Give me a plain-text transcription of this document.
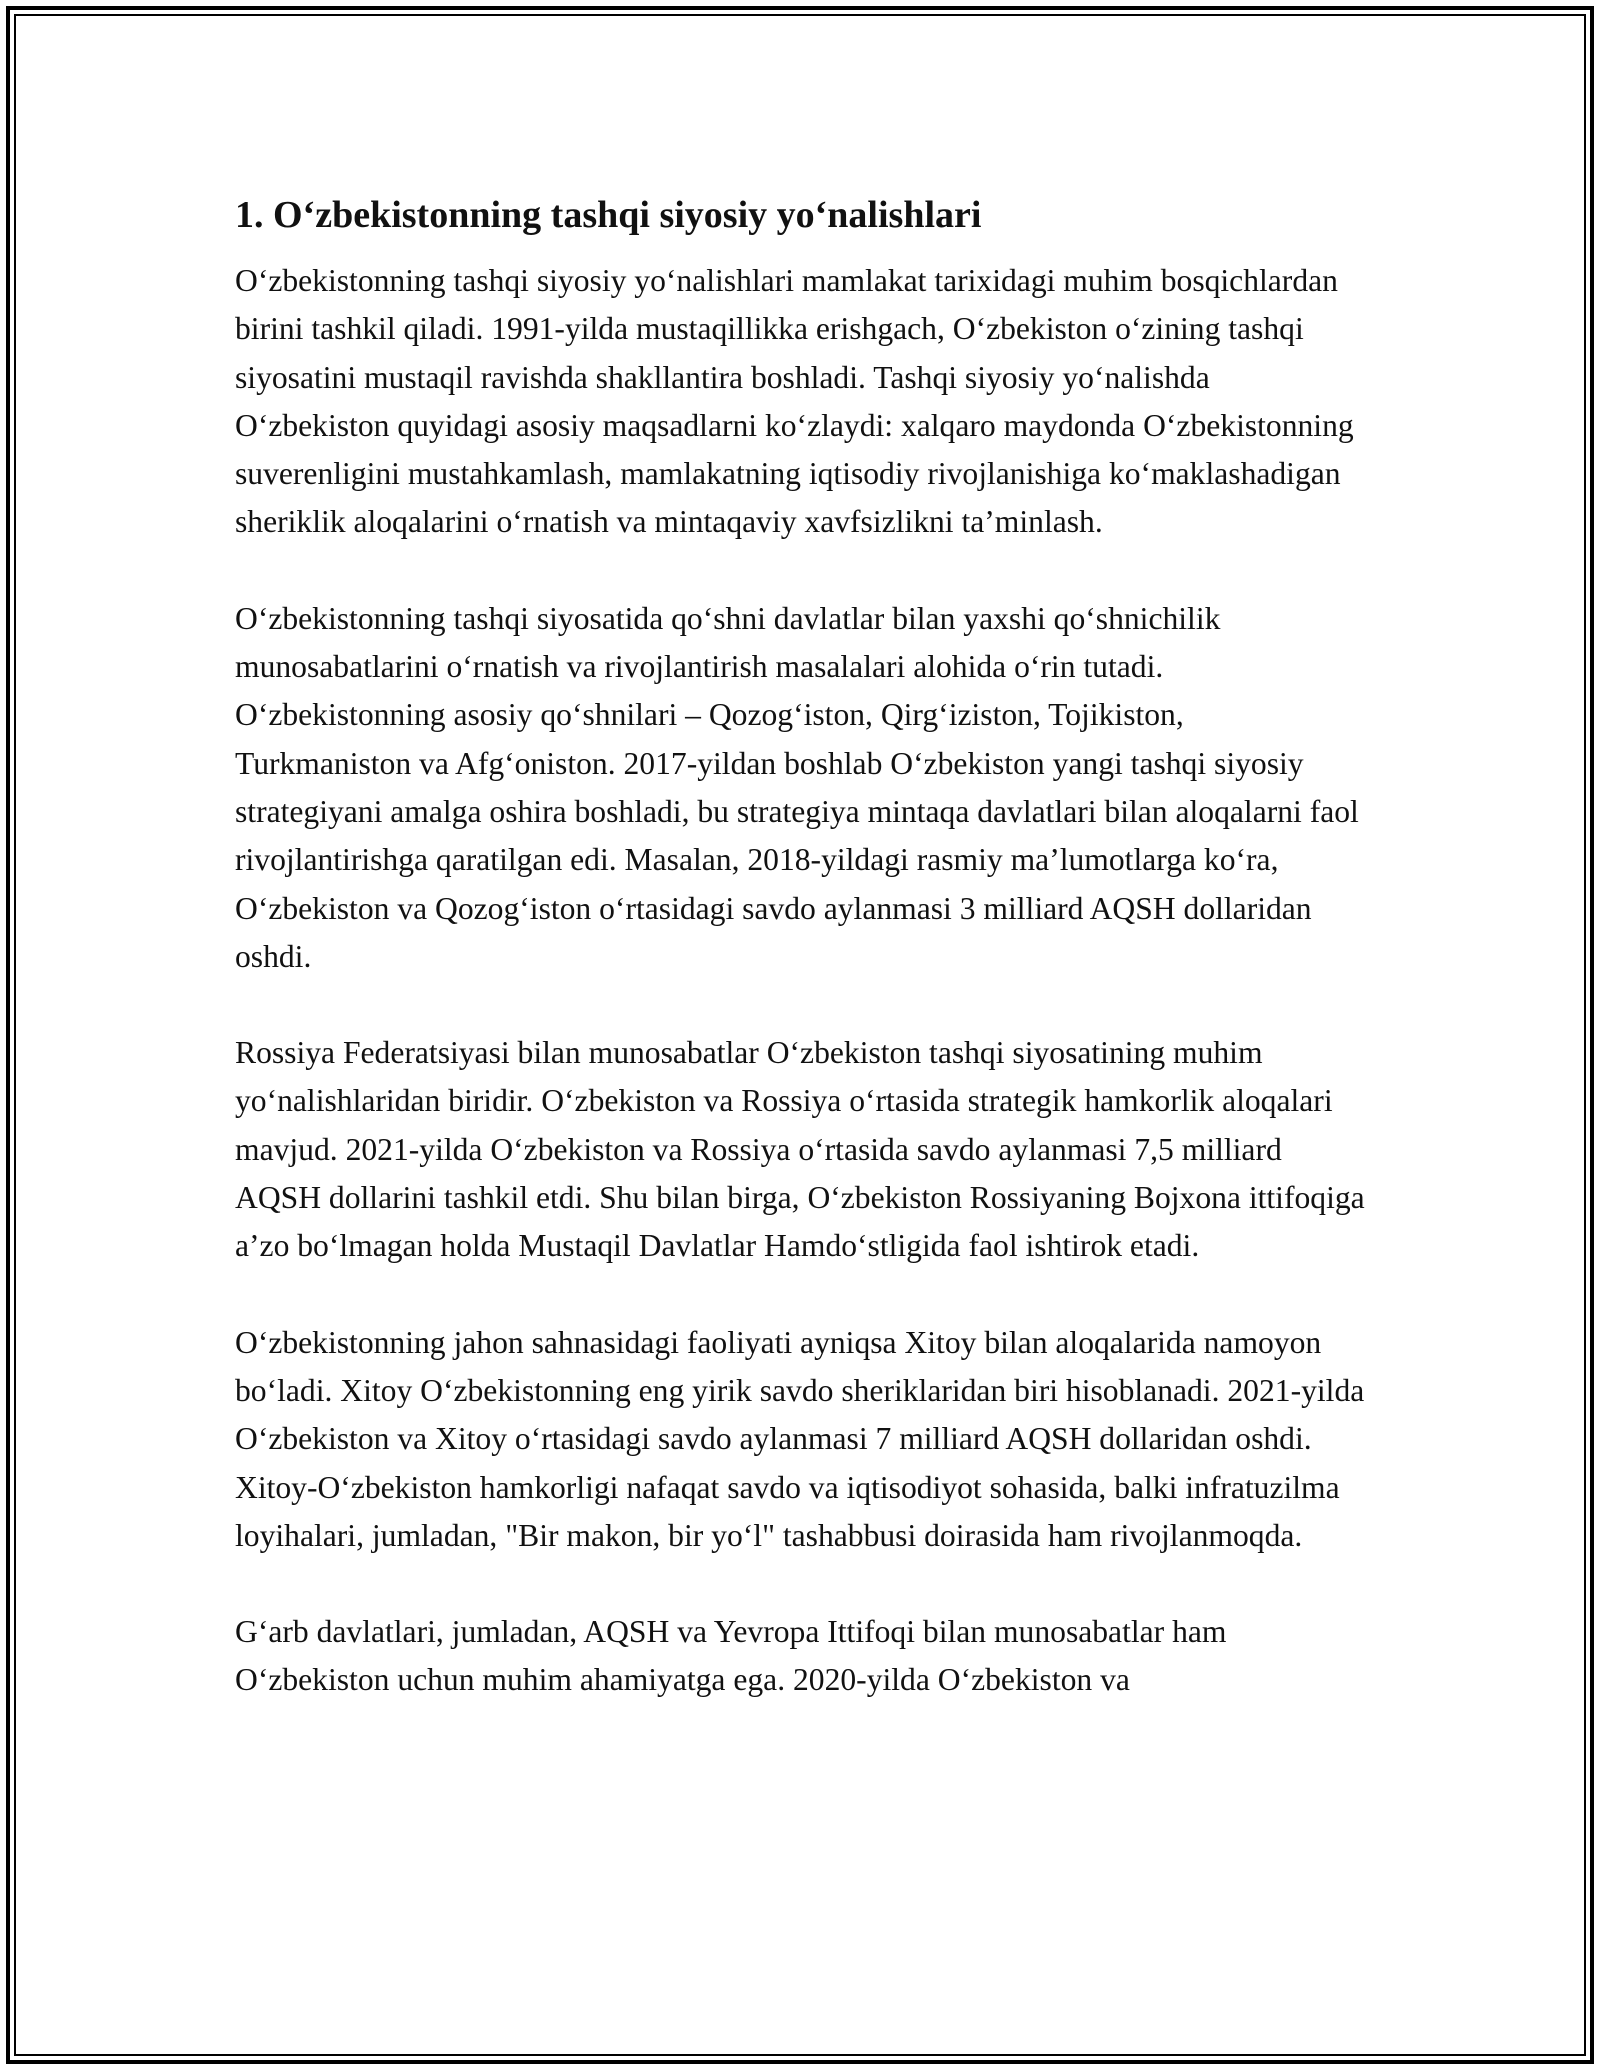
1. O‘zbekistonning tashqi siyosiy yo‘nalishlari

O‘zbekistonning tashqi siyosiy yo‘nalishlari mamlakat tarixidagi muhim bosqichlardan birini tashkil qiladi. 1991-yilda mustaqillikka erishgach, O‘zbekiston o‘zining tashqi siyosatini mustaqil ravishda shakllantira boshladi. Tashqi siyosiy yo‘nalishda O‘zbekiston quyidagi asosiy maqsadlarni ko‘zlaydi: xalqaro maydonda O‘zbekistonning suverenligini mustahkamlash, mamlakatning iqtisodiy rivojlanishiga ko‘maklashadigan sheriklik aloqalarini o‘rnatish va mintaqaviy xavfsizlikni ta’minlash.

O‘zbekistonning tashqi siyosatida qo‘shni davlatlar bilan yaxshi qo‘shnichilik munosabatlarini o‘rnatish va rivojlantirish masalalari alohida o‘rin tutadi. O‘zbekistonning asosiy qo‘shnilari – Qozog‘iston, Qirg‘iziston, Tojikiston, Turkmaniston va Afg‘oniston. 2017-yildan boshlab O‘zbekiston yangi tashqi siyosiy strategiyani amalga oshira boshladi, bu strategiya mintaqa davlatlari bilan aloqalarni faol rivojlantirishga qaratilgan edi. Masalan, 2018-yildagi rasmiy ma’lumotlarga ko‘ra, O‘zbekiston va Qozog‘iston o‘rtasidagi savdo aylanmasi 3 milliard AQSH dollaridan oshdi.

Rossiya Federatsiyasi bilan munosabatlar O‘zbekiston tashqi siyosatining muhim yo‘nalishlaridan biridir. O‘zbekiston va Rossiya o‘rtasida strategik hamkorlik aloqalari mavjud. 2021-yilda O‘zbekiston va Rossiya o‘rtasida savdo aylanmasi 7,5 milliard AQSH dollarini tashkil etdi. Shu bilan birga, O‘zbekiston Rossiyaning Bojxona ittifoqiga a’zo bo‘lmagan holda Mustaqil Davlatlar Hamdo‘stligida faol ishtirok etadi.

O‘zbekistonning jahon sahnasidagi faoliyati ayniqsa Xitoy bilan aloqalarida namoyon bo‘ladi. Xitoy O‘zbekistonning eng yirik savdo sheriklaridan biri hisoblanadi. 2021-yilda O‘zbekiston va Xitoy o‘rtasidagi savdo aylanmasi 7 milliard AQSH dollaridan oshdi. Xitoy-O‘zbekiston hamkorligi nafaqat savdo va iqtisodiyot sohasida, balki infratuzilma loyihalari, jumladan, "Bir makon, bir yo‘l" tashabbusi doirasida ham rivojlanmoqda.

G‘arb davlatlari, jumladan, AQSH va Yevropa Ittifoqi bilan munosabatlar ham O‘zbekiston uchun muhim ahamiyatga ega. 2020-yilda O‘zbekiston va
